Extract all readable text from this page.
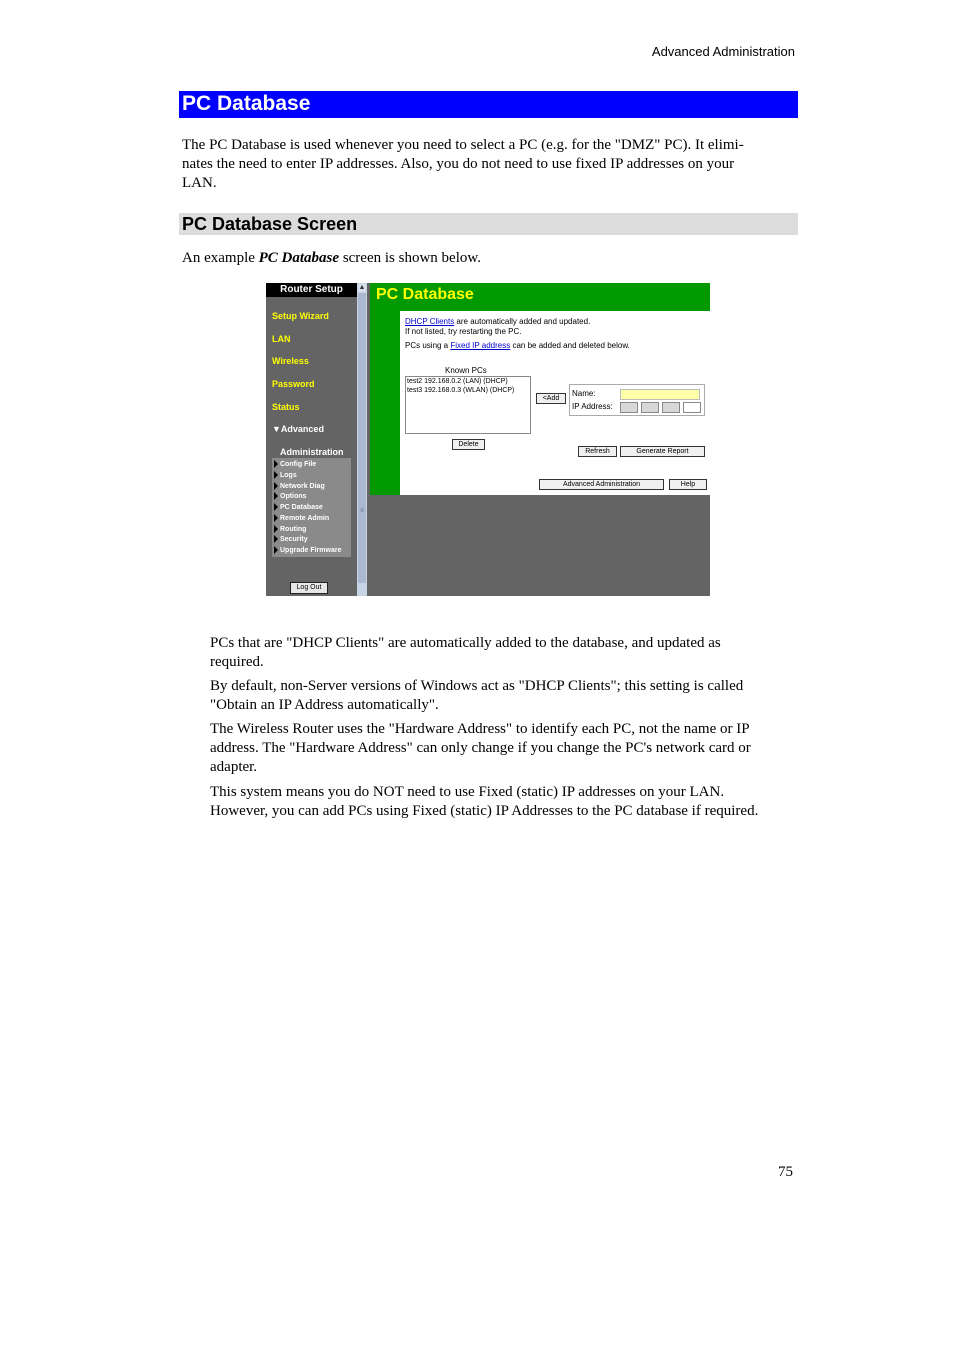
Advanced Administration
PC Database
The PC Database is used whenever you need to select a PC (e.g. for the "DMZ" PC). It elimi-
nates the need to enter IP addresses. Also, you do not need to use fixed IP addresses on your
LAN.
PC Database Screen
An example PC Database screen is shown below.
Router Setup
Setup Wizard
LAN
Wireless
Password
Status
▼Advanced
Administration
Config File
Logs
Network Diag
Options
PC Database
Remote Admin
Routing
Security
Upgrade Firmware
Log Out
▲
≡
PC Database
DHCP Clients are automatically added and updated.
If not listed, try restarting the PC.
PCs using a Fixed IP address can be added and deleted below.
Known PCs
test2 192.168.0.2 (LAN) (DHCP)
test3 192.168.0.3 (WLAN) (DHCP)
<Add
Delete
Name:
IP Address:
Refresh	Generate Report
Advanced Administration	Help
PCs that are "DHCP Clients" are automatically added to the database, and updated as
required.
By default, non-Server versions of Windows act as "DHCP Clients"; this setting is called
"Obtain an IP Address automatically".
The Wireless Router uses the "Hardware Address" to identify each PC, not the name or IP
address. The "Hardware Address" can only change if you change the PC's network card or
adapter.
This system means you do NOT need to use Fixed (static) IP addresses on your LAN.
However, you can add PCs using Fixed (static) IP Addresses to the PC database if required.
75
